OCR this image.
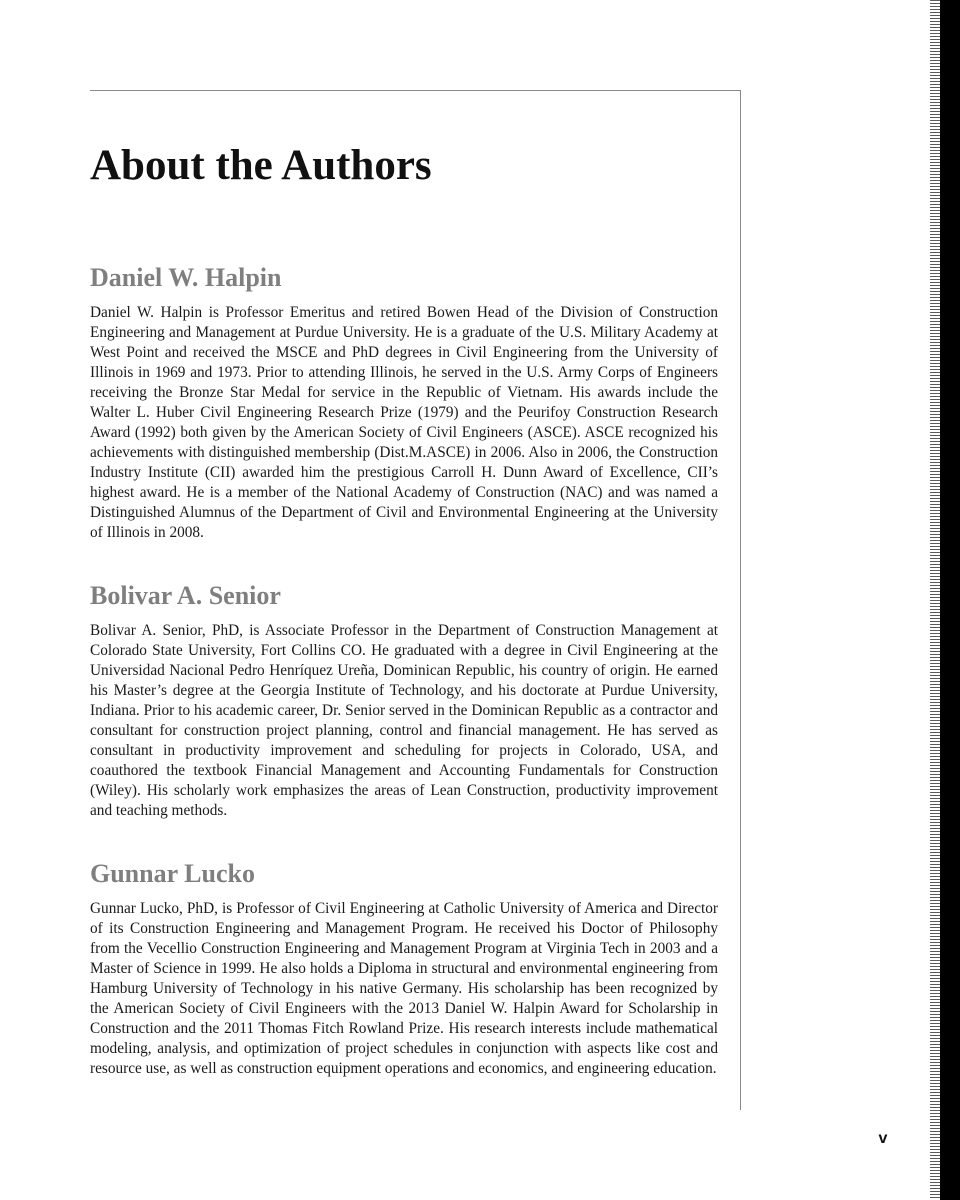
About the Authors
Daniel W. Halpin

Daniel W. Halpin is Professor Emeritus and retired Bowen Head of the Division of Construction Engineering and Management at Purdue University. He is a graduate of the U.S. Military Academy at West Point and received the MSCE and PhD degrees in Civil Engineering from the University of Illinois in 1969 and 1973. Prior to attending Illinois, he served in the U.S. Army Corps of Engineers receiving the Bronze Star Medal for service in the Republic of Vietnam. His awards include the Walter L. Huber Civil Engineering Research Prize (1979) and the Peurifoy Construction Research Award (1992) both given by the American Society of Civil Engineers (ASCE). ASCE recognized his achievements with distinguished membership (Dist.M.ASCE) in 2006. Also in 2006, the Construction Industry Institute (CII) awarded him the prestigious Carroll H. Dunn Award of Excellence, CII’s highest award. He is a member of the National Academy of Construction (NAC) and was named a Distinguished Alumnus of the Department of Civil and Environmental Engineering at the University of Illinois in 2008.

Bolivar A. Senior

Bolivar A. Senior, PhD, is Associate Professor in the Department of Construction Management at Colorado State University, Fort Collins CO. He graduated with a degree in Civil Engineering at the Universidad Nacional Pedro Henríquez Ureña, Dominican Republic, his country of origin. He earned his Master’s degree at the Georgia Institute of Technology, and his doctorate at Purdue University, Indiana. Prior to his academic career, Dr. Senior served in the Dominican Republic as a contractor and consultant for construction project planning, control and financial management. He has served as consultant in productivity improvement and scheduling for projects in Colorado, USA, and coauthored the textbook Financial Management and Accounting Fundamentals for Construction (Wiley). His scholarly work emphasizes the areas of Lean Construction, productivity improvement and teaching methods.

Gunnar Lucko

Gunnar Lucko, PhD, is Professor of Civil Engineering at Catholic University of America and Director of its Construction Engineering and Management Program. He received his Doctor of Philosophy from the Vecellio Construction Engineering and Management Program at Virginia Tech in 2003 and a Master of Science in 1999. He also holds a Diploma in structural and environmental engineering from Hamburg University of Technology in his native Germany. His scholarship has been recognized by the American Society of Civil Engineers with the 2013 Daniel W. Halpin Award for Scholarship in Construction and the 2011 Thomas Fitch Rowland Prize. His research interests include mathematical modeling, analysis, and optimization of project schedules in conjunction with aspects like cost and resource use, as well as construction equipment operations and economics, and engineering education.

v
